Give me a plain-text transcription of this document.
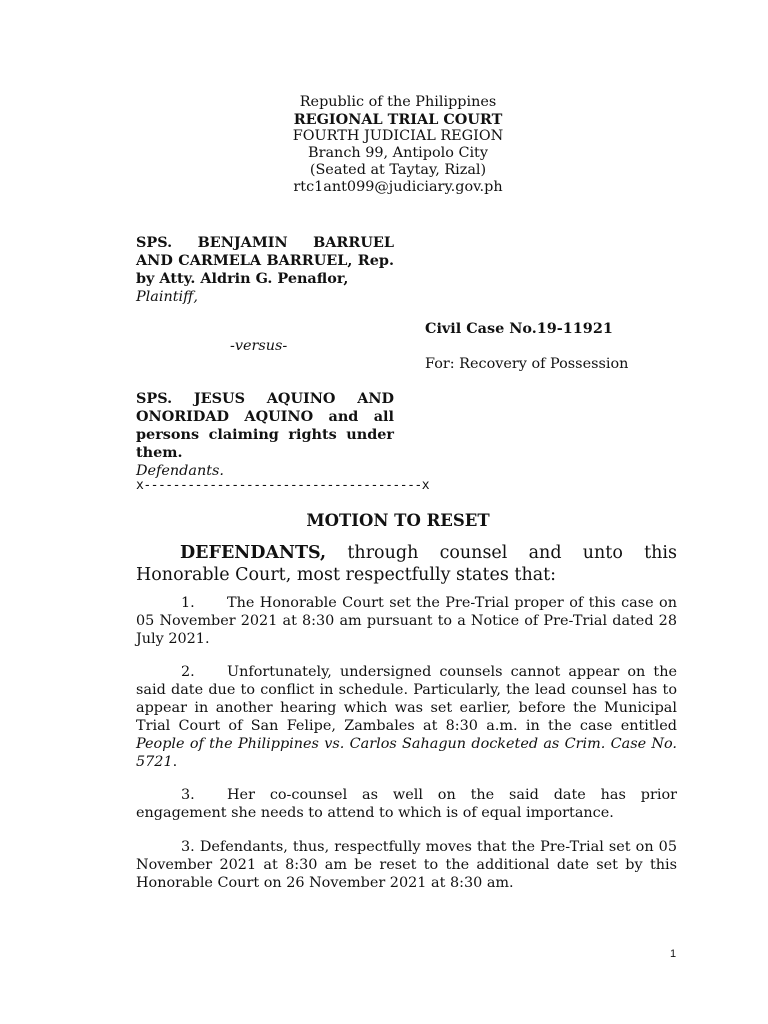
Republic of the Philippines
REGIONAL TRIAL COURT
FOURTH JUDICIAL REGION
Branch 99, Antipolo City
(Seated at Taytay, Rizal)
rtc1ant099@judiciary.gov.ph
SPS. BENJAMIN BARRUEL AND CARMELA BARRUEL, Rep. by Atty. Aldrin G. Penaflor,
Plaintiff,
-versus-
SPS. JESUS AQUINO AND ONORIDAD AQUINO and all persons claiming rights under them.
Defendants.
x--------------------------------------x
Civil Case No.19-11921
For: Recovery of Possession
MOTION TO RESET
DEFENDANTS, through counsel and unto this Honorable Court, most respectfully states that:
1. The Honorable Court set the Pre-Trial proper of this case on 05 November 2021 at 8:30 am pursuant to a Notice of Pre-Trial dated 28 July 2021.
2. Unfortunately, undersigned counsels cannot appear on the said date due to conflict in schedule. Particularly, the lead counsel has to appear in another hearing which was set earlier, before the Municipal Trial Court of San Felipe, Zambales at 8:30 a.m. in the case entitled People of the Philippines vs. Carlos Sahagun docketed as Crim. Case No. 5721.
3. Her co-counsel as well on the said date has prior engagement she needs to attend to which is of equal importance.
3. Defendants, thus, respectfully moves that the Pre-Trial set on 05 November 2021 at 8:30 am be reset to the additional date set by this Honorable Court on 26 November 2021 at 8:30 am.
1
